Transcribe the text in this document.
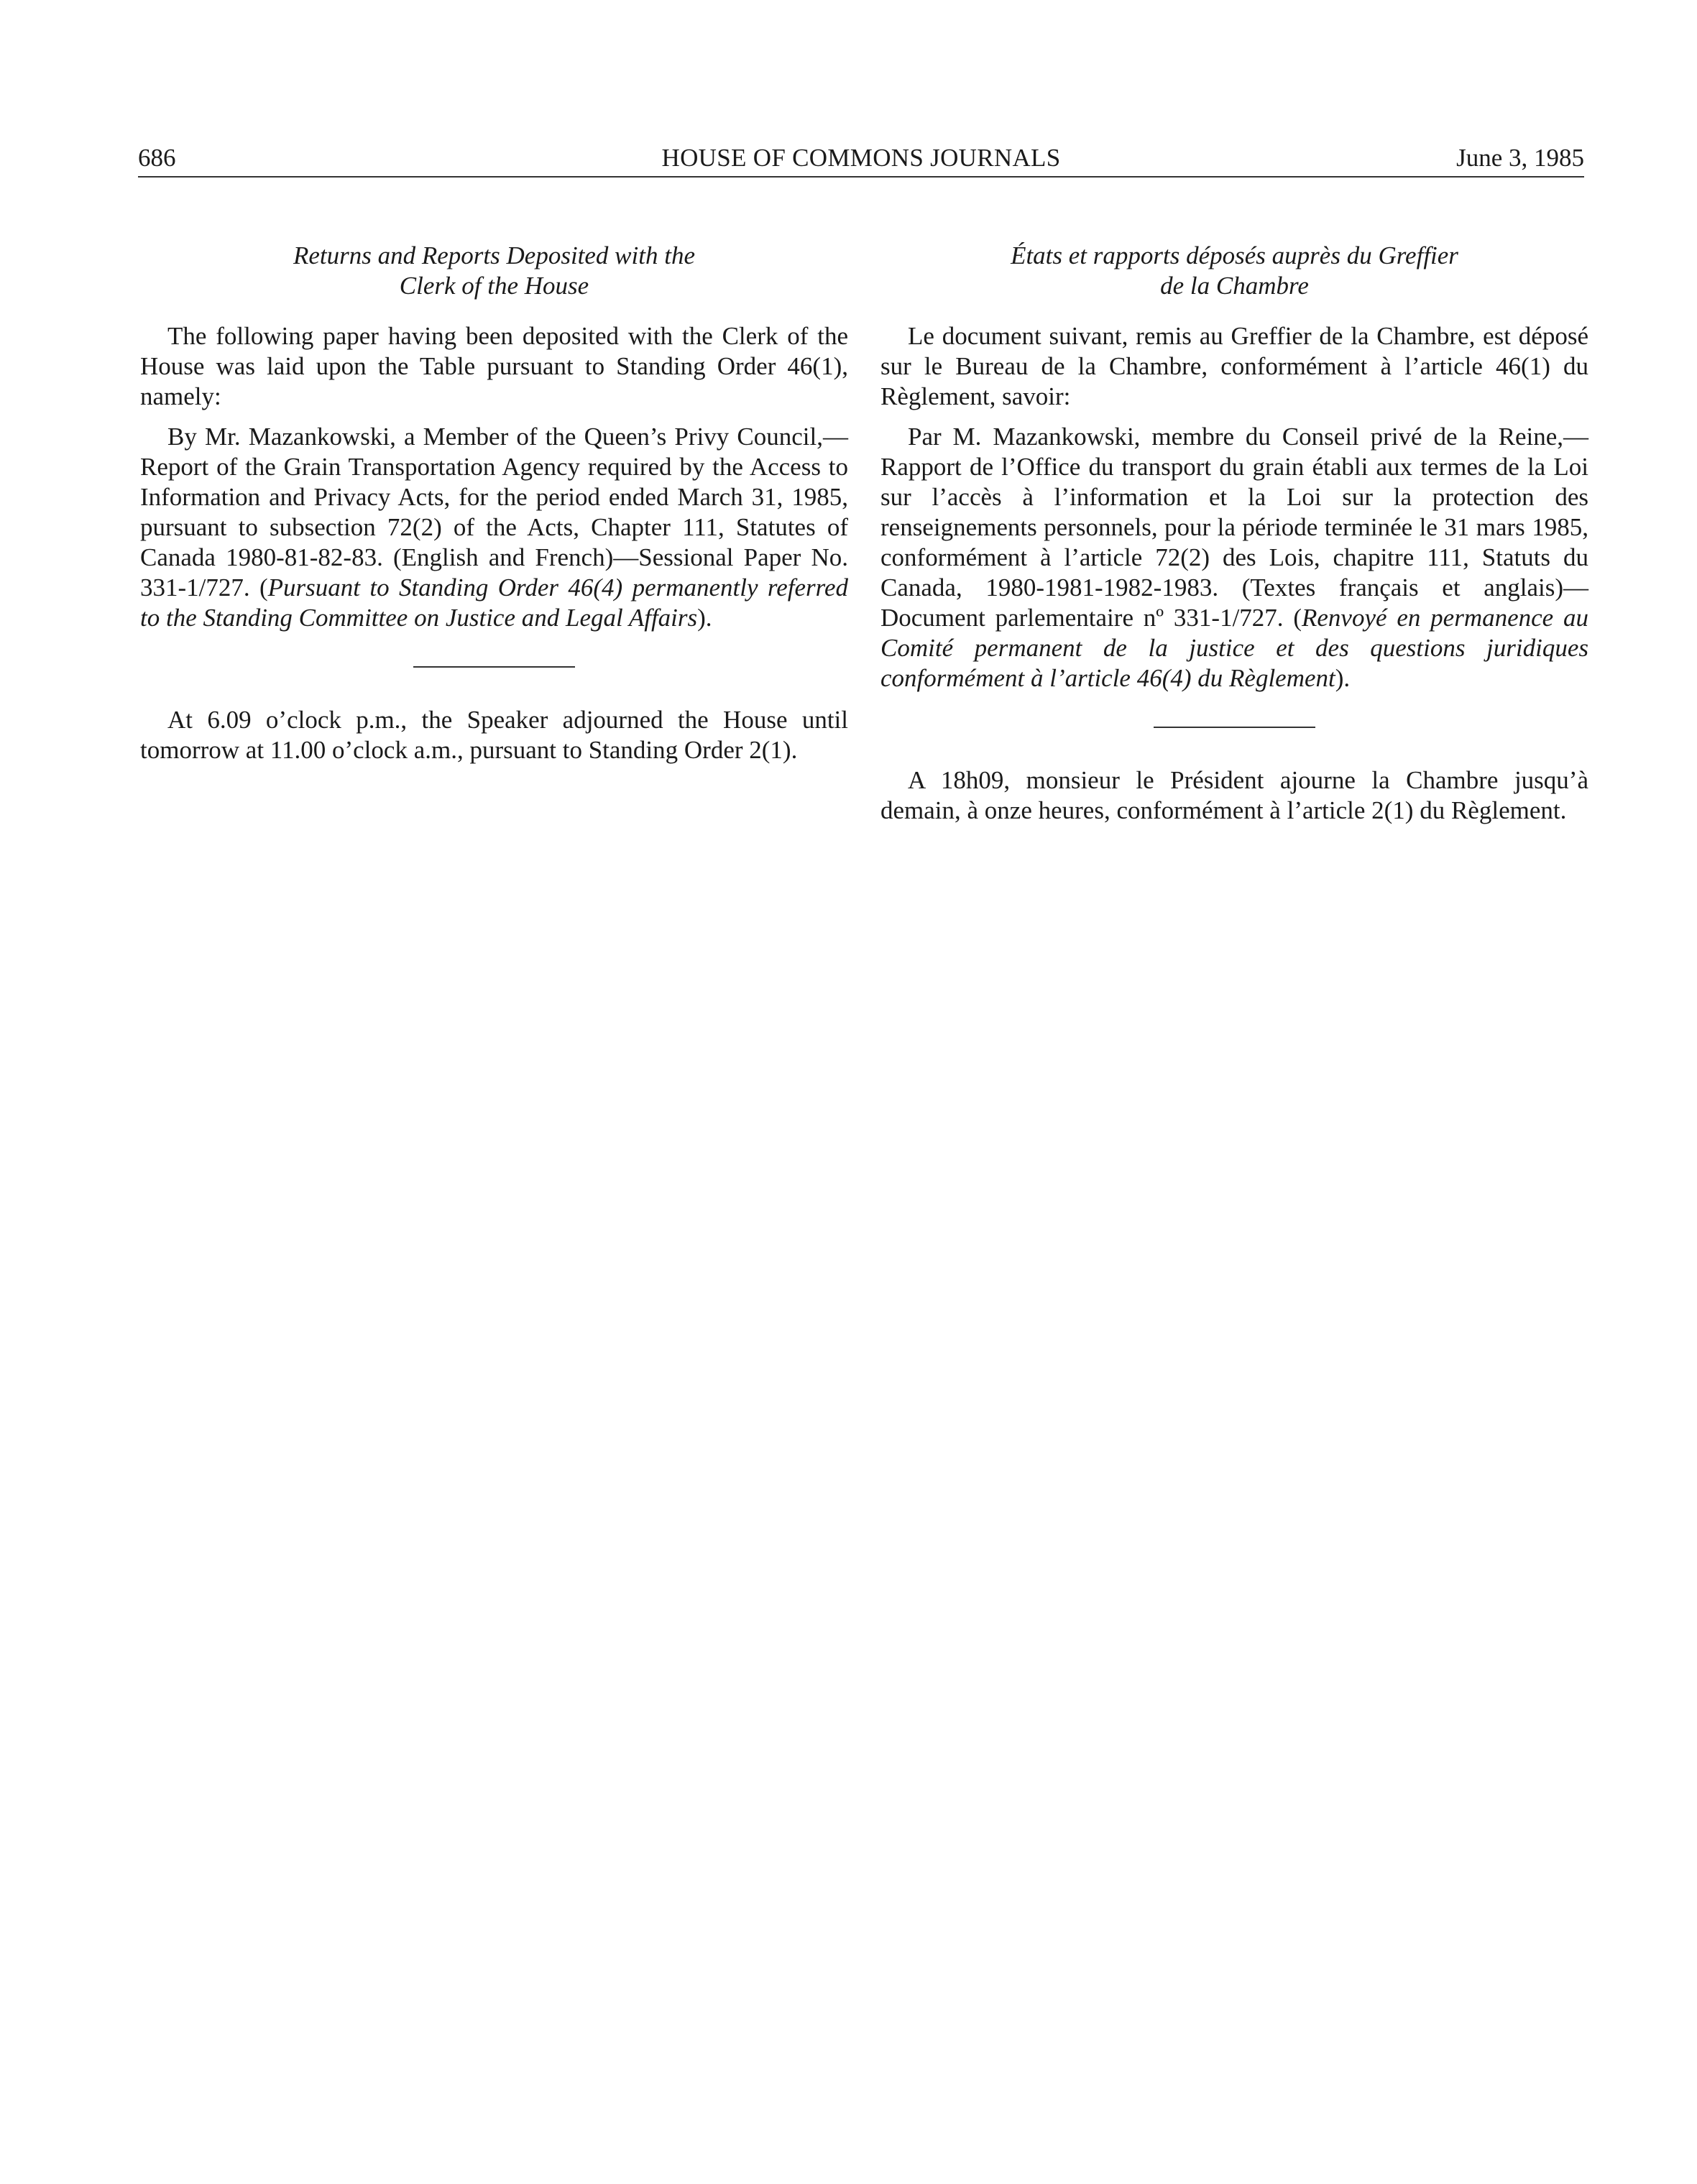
686	HOUSE OF COMMONS JOURNALS	June 3, 1985
Returns and Reports Deposited with the
Clerk of the House

The following paper having been deposited with the Clerk of the House was laid upon the Table pursuant to Standing Order 46(1), namely:

By Mr. Mazankowski, a Member of the Queen’s Privy Council,—Report of the Grain Transportation Agency required by the Access to Information and Privacy Acts, for the period ended March 31, 1985, pursuant to subsection 72(2) of the Acts, Chapter 111, Statutes of Canada 1980-81-82-83. (English and French)—Sessional Paper No. 331-1/727. (Pursuant to Standing Order 46(4) permanently referred to the Standing Committee on Justice and Legal Affairs).

At 6.09 o’clock p.m., the Speaker adjourned the House until tomorrow at 11.00 o’clock a.m., pursuant to Standing Order 2(1).

États et rapports déposés auprès du Greffier
de la Chambre

Le document suivant, remis au Greffier de la Chambre, est déposé sur le Bureau de la Chambre, conformément à l’article 46(1) du Règlement, savoir:

Par M. Mazankowski, membre du Conseil privé de la Reine,—Rapport de l’Office du transport du grain établi aux termes de la Loi sur l’accès à l’information et la Loi sur la protection des renseignements personnels, pour la période terminée le 31 mars 1985, conformément à l’article 72(2) des Lois, chapitre 111, Statuts du Canada, 1980-1981-1982-1983. (Textes français et anglais)—Document parlementaire nº 331-1/727. (Renvoyé en permanence au Comité permanent de la justice et des questions juridiques conformément à l’article 46(4) du Règlement).

A 18h09, monsieur le Président ajourne la Chambre jusqu’à demain, à onze heures, conformément à l’article 2(1) du Règlement.
